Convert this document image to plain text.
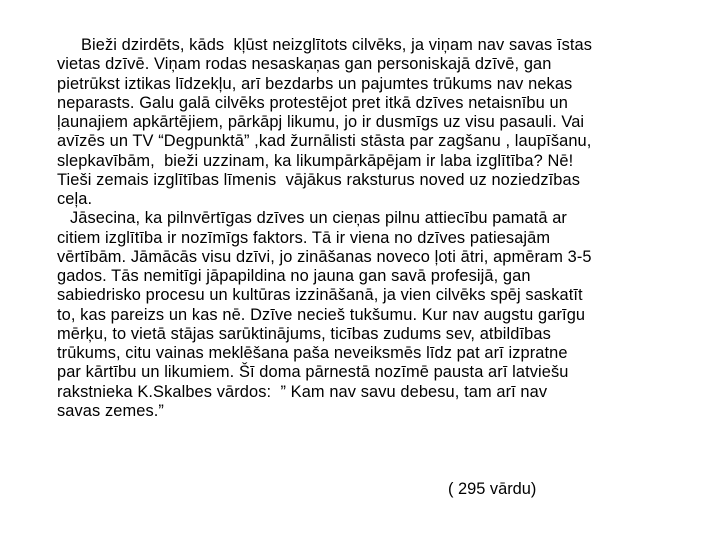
Bieži dzirdēts, kāds  kļūst neizglītots cilvēks, ja viņam nav savas īstas
vietas dzīvē. Viņam rodas nesaskaņas gan personiskajā dzīvē, gan
pietrūkst iztikas līdzekļu, arī bezdarbs un pajumtes trūkums nav nekas
neparasts. Galu galā cilvēks protestējot pret itkā dzīves netaisnību un
ļaunajiem apkārtējiem, pārkāpj likumu, jo ir dusmīgs uz visu pasauli. Vai
avīzēs un TV “Degpunktā” ,kad žurnālisti stāsta par zagšanu , laupīšanu,
slepkavībām,  bieži uzzinam, ka likumpārkāpējam ir laba izglītība? Nē!
Tieši zemais izglītības līmenis  vājākus raksturus noved uz noziedzības
ceļa.
Jāsecina, ka pilnvērtīgas dzīves un cieņas pilnu attiecību pamatā ar
citiem izglītība ir nozīmīgs faktors. Tā ir viena no dzīves patiesajām
vērtībām. Jāmācās visu dzīvi, jo zināšanas noveco ļoti ātri, apmēram 3-5
gados. Tās nemitīgi jāpapildina no jauna gan savā profesijā, gan
sabiedrisko procesu un kultūras izzināšanā, ja vien cilvēks spēj saskatīt
to, kas pareizs un kas nē. Dzīve necieš tukšumu. Kur nav augstu garīgu
mērķu, to vietā stājas sarūktinājums, ticības zudums sev, atbildības
trūkums, citu vainas meklēšana paša neveiksmēs līdz pat arī izpratne
par kārtību un likumiem. Šī doma pārnestā nozīmē pausta arī latviešu
rakstnieka K.Skalbes vārdos:  ” Kam nav savu debesu, tam arī nav
savas zemes.”
( 295 vārdu)
